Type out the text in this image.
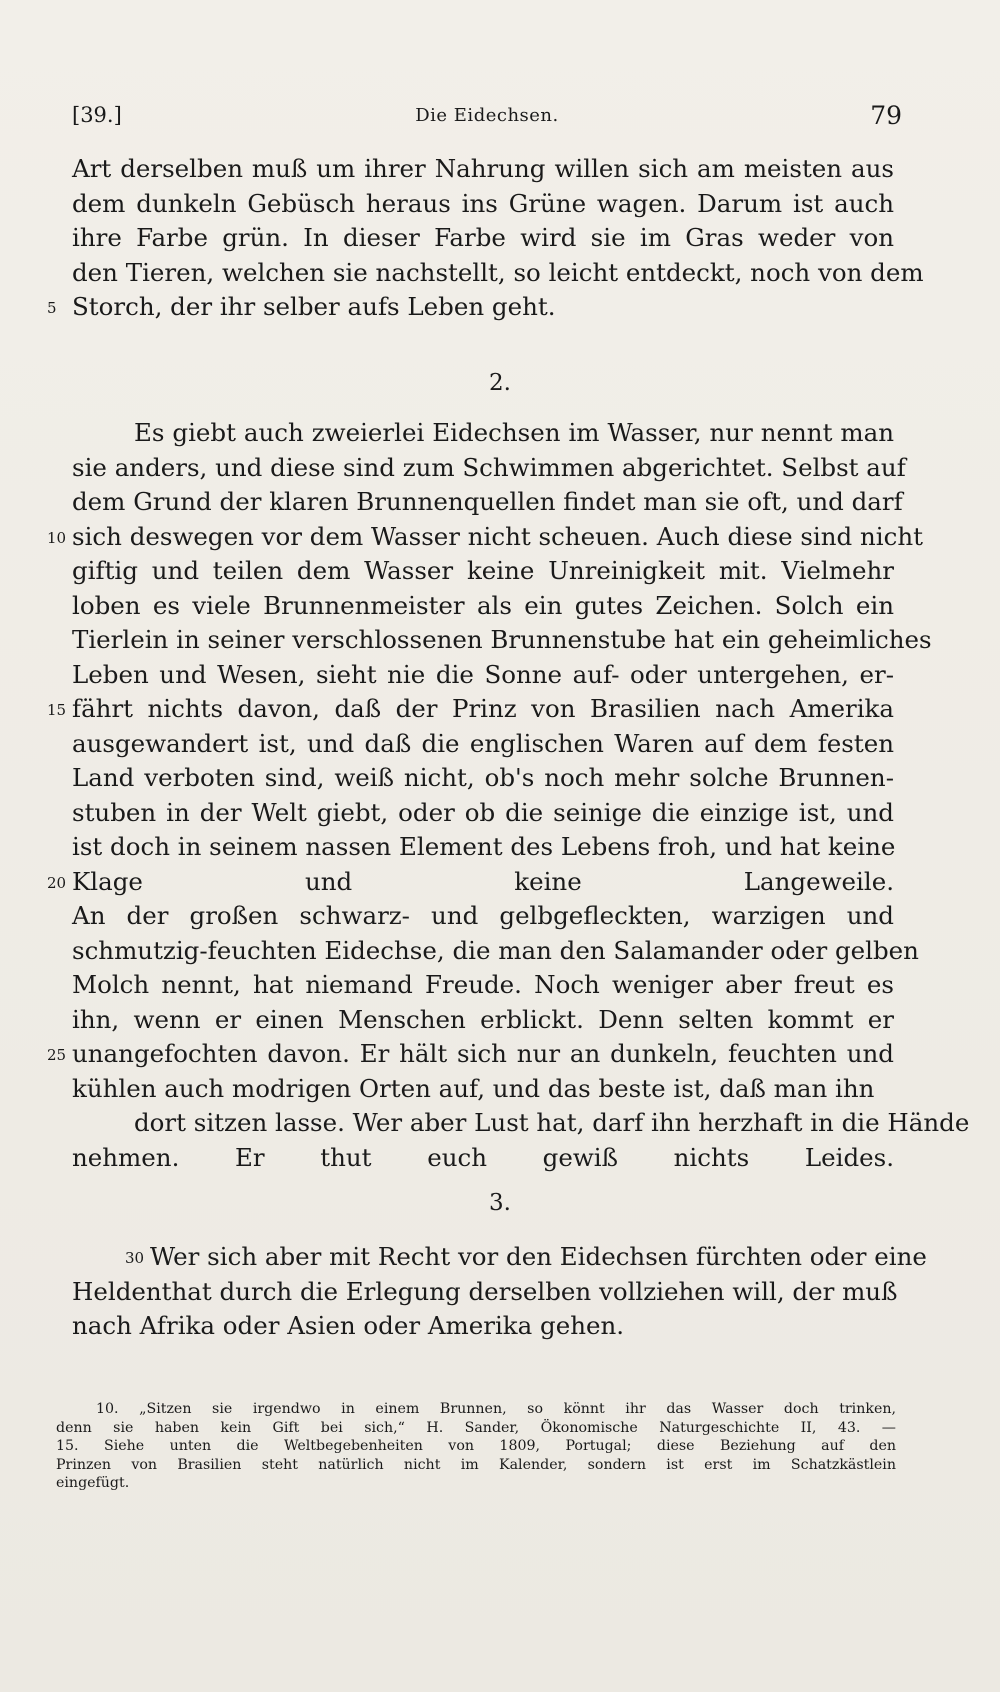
[39.]	Die Eidechsen.	79
Art derselben muß um ihrer Nahrung willen sich am meisten aus
dem dunkeln Gebüsch heraus ins Grüne wagen. Darum ist auch
ihre Farbe grün. In dieser Farbe wird sie im Gras weder von
den Tieren, welchen sie nachstellt, so leicht entdeckt, noch von dem
5 Storch, der ihr selber aufs Leben geht.
2.
Es giebt auch zweierlei Eidechsen im Wasser, nur nennt man
sie anders, und diese sind zum Schwimmen abgerichtet. Selbst auf
dem Grund der klaren Brunnenquellen findet man sie oft, und darf
10 sich deswegen vor dem Wasser nicht scheuen. Auch diese sind nicht
giftig und teilen dem Wasser keine Unreinigkeit mit. Vielmehr
loben es viele Brunnenmeister als ein gutes Zeichen. Solch ein
Tierlein in seiner verschlossenen Brunnenstube hat ein geheimliches
Leben und Wesen, sieht nie die Sonne auf- oder untergehen, er-
15 fährt nichts davon, daß der Prinz von Brasilien nach Amerika
ausgewandert ist, und daß die englischen Waren auf dem festen
Land verboten sind, weiß nicht, ob's noch mehr solche Brunnen-
stuben in der Welt giebt, oder ob die seinige die einzige ist, und
ist doch in seinem nassen Element des Lebens froh, und hat keine
20 Klage und keine Langeweile.
An der großen schwarz- und gelbgefleckten, warzigen und
schmutzig-feuchten Eidechse, die man den Salamander oder gelben
Molch nennt, hat niemand Freude. Noch weniger aber freut es
ihn, wenn er einen Menschen erblickt. Denn selten kommt er
25 unangefochten davon. Er hält sich nur an dunkeln, feuchten und
kühlen auch modrigen Orten auf, und das beste ist, daß man ihn
dort sitzen lasse. Wer aber Lust hat, darf ihn herzhaft in die Hände
nehmen. Er thut euch gewiß nichts Leides.
3.
30 Wer sich aber mit Recht vor den Eidechsen fürchten oder eine
Heldenthat durch die Erlegung derselben vollziehen will, der muß
nach Afrika oder Asien oder Amerika gehen.
10. „Sitzen sie irgendwo in einem Brunnen, so könnt ihr das Wasser doch trinken,
denn sie haben kein Gift bei sich,“ H. Sander, Ökonomische Naturgeschichte II, 43. —
15. Siehe unten die Weltbegebenheiten von 1809, Portugal; diese Beziehung auf den
Prinzen von Brasilien steht natürlich nicht im Kalender, sondern ist erst im Schatzkästlein
eingefügt.
